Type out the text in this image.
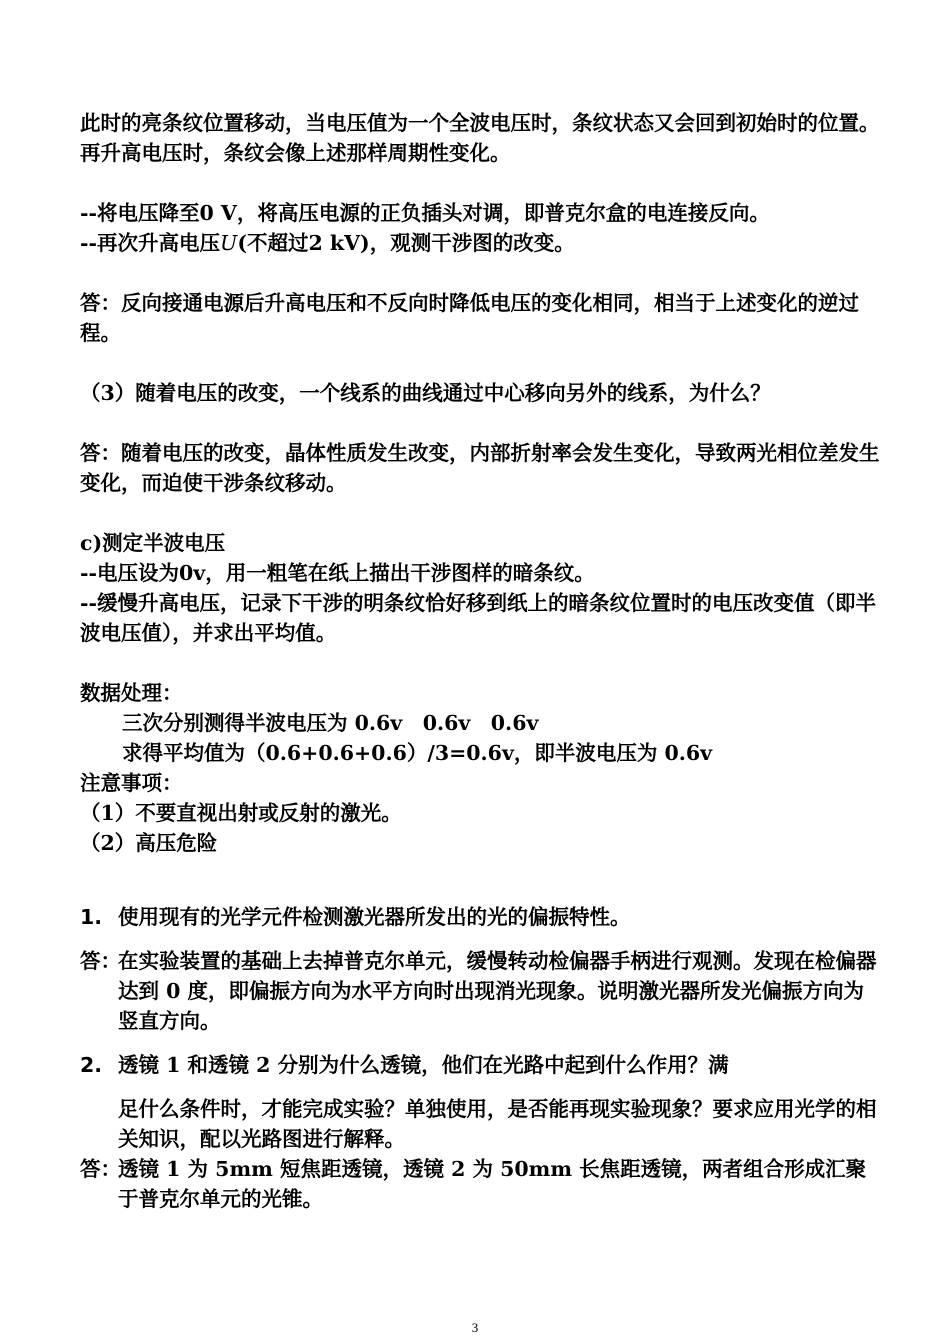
此时的亮条纹位置移动，当电压值为一个全波电压时，条纹状态又会回到初始时的位置。再升高电压时，条纹会像上述那样周期性变化。

--将电压降至0 V，将高压电源的正负插头对调，即普克尔盒的电连接反向。

--再次升高电压U(不超过2 kV)，观测干涉图的改变。

答：反向接通电源后升高电压和不反向时降低电压的变化相同，相当于上述变化的逆过程。

（3）随着电压的改变，一个线系的曲线通过中心移向另外的线系，为什么？

答：随着电压的改变，晶体性质发生改变，内部折射率会发生变化，导致两光相位差发生变化，而迫使干涉条纹移动。

c)测定半波电压

--电压设为0v，用一粗笔在纸上描出干涉图样的暗条纹。

--缓慢升高电压，记录下干涉的明条纹恰好移到纸上的暗条纹位置时的电压改变值（即半波电压值），并求出平均值。

数据处理：

三次分别测得半波电压为 0.6v　0.6v　0.6v

求得平均值为（0.6+0.6+0.6）/3=0.6v，即半波电压为 0.6v

注意事项：

（1）不要直视出射或反射的激光。

（2）高压危险

1. 使用现有的光学元件检测激光器所发出的光的偏振特性。
答：
在实验装置的基础上去掉普克尔单元，缓慢转动检偏器手柄进行观测。发现在检偏器达到 0 度，即偏振方向为水平方向时出现消光现象。说明激光器所发光偏振方向为竖直方向。
2. 透镜 1 和透镜 2 分别为什么透镜，他们在光路中起到什么作用？满
足什么条件时，才能完成实验？单独使用，是否能再现实验现象？要求应用光学的相关知识，配以光路图进行解释。
答：
透镜 1 为 5mm 短焦距透镜，透镜 2 为 50mm 长焦距透镜，两者组合形成汇聚于普克尔单元的光锥。
3
